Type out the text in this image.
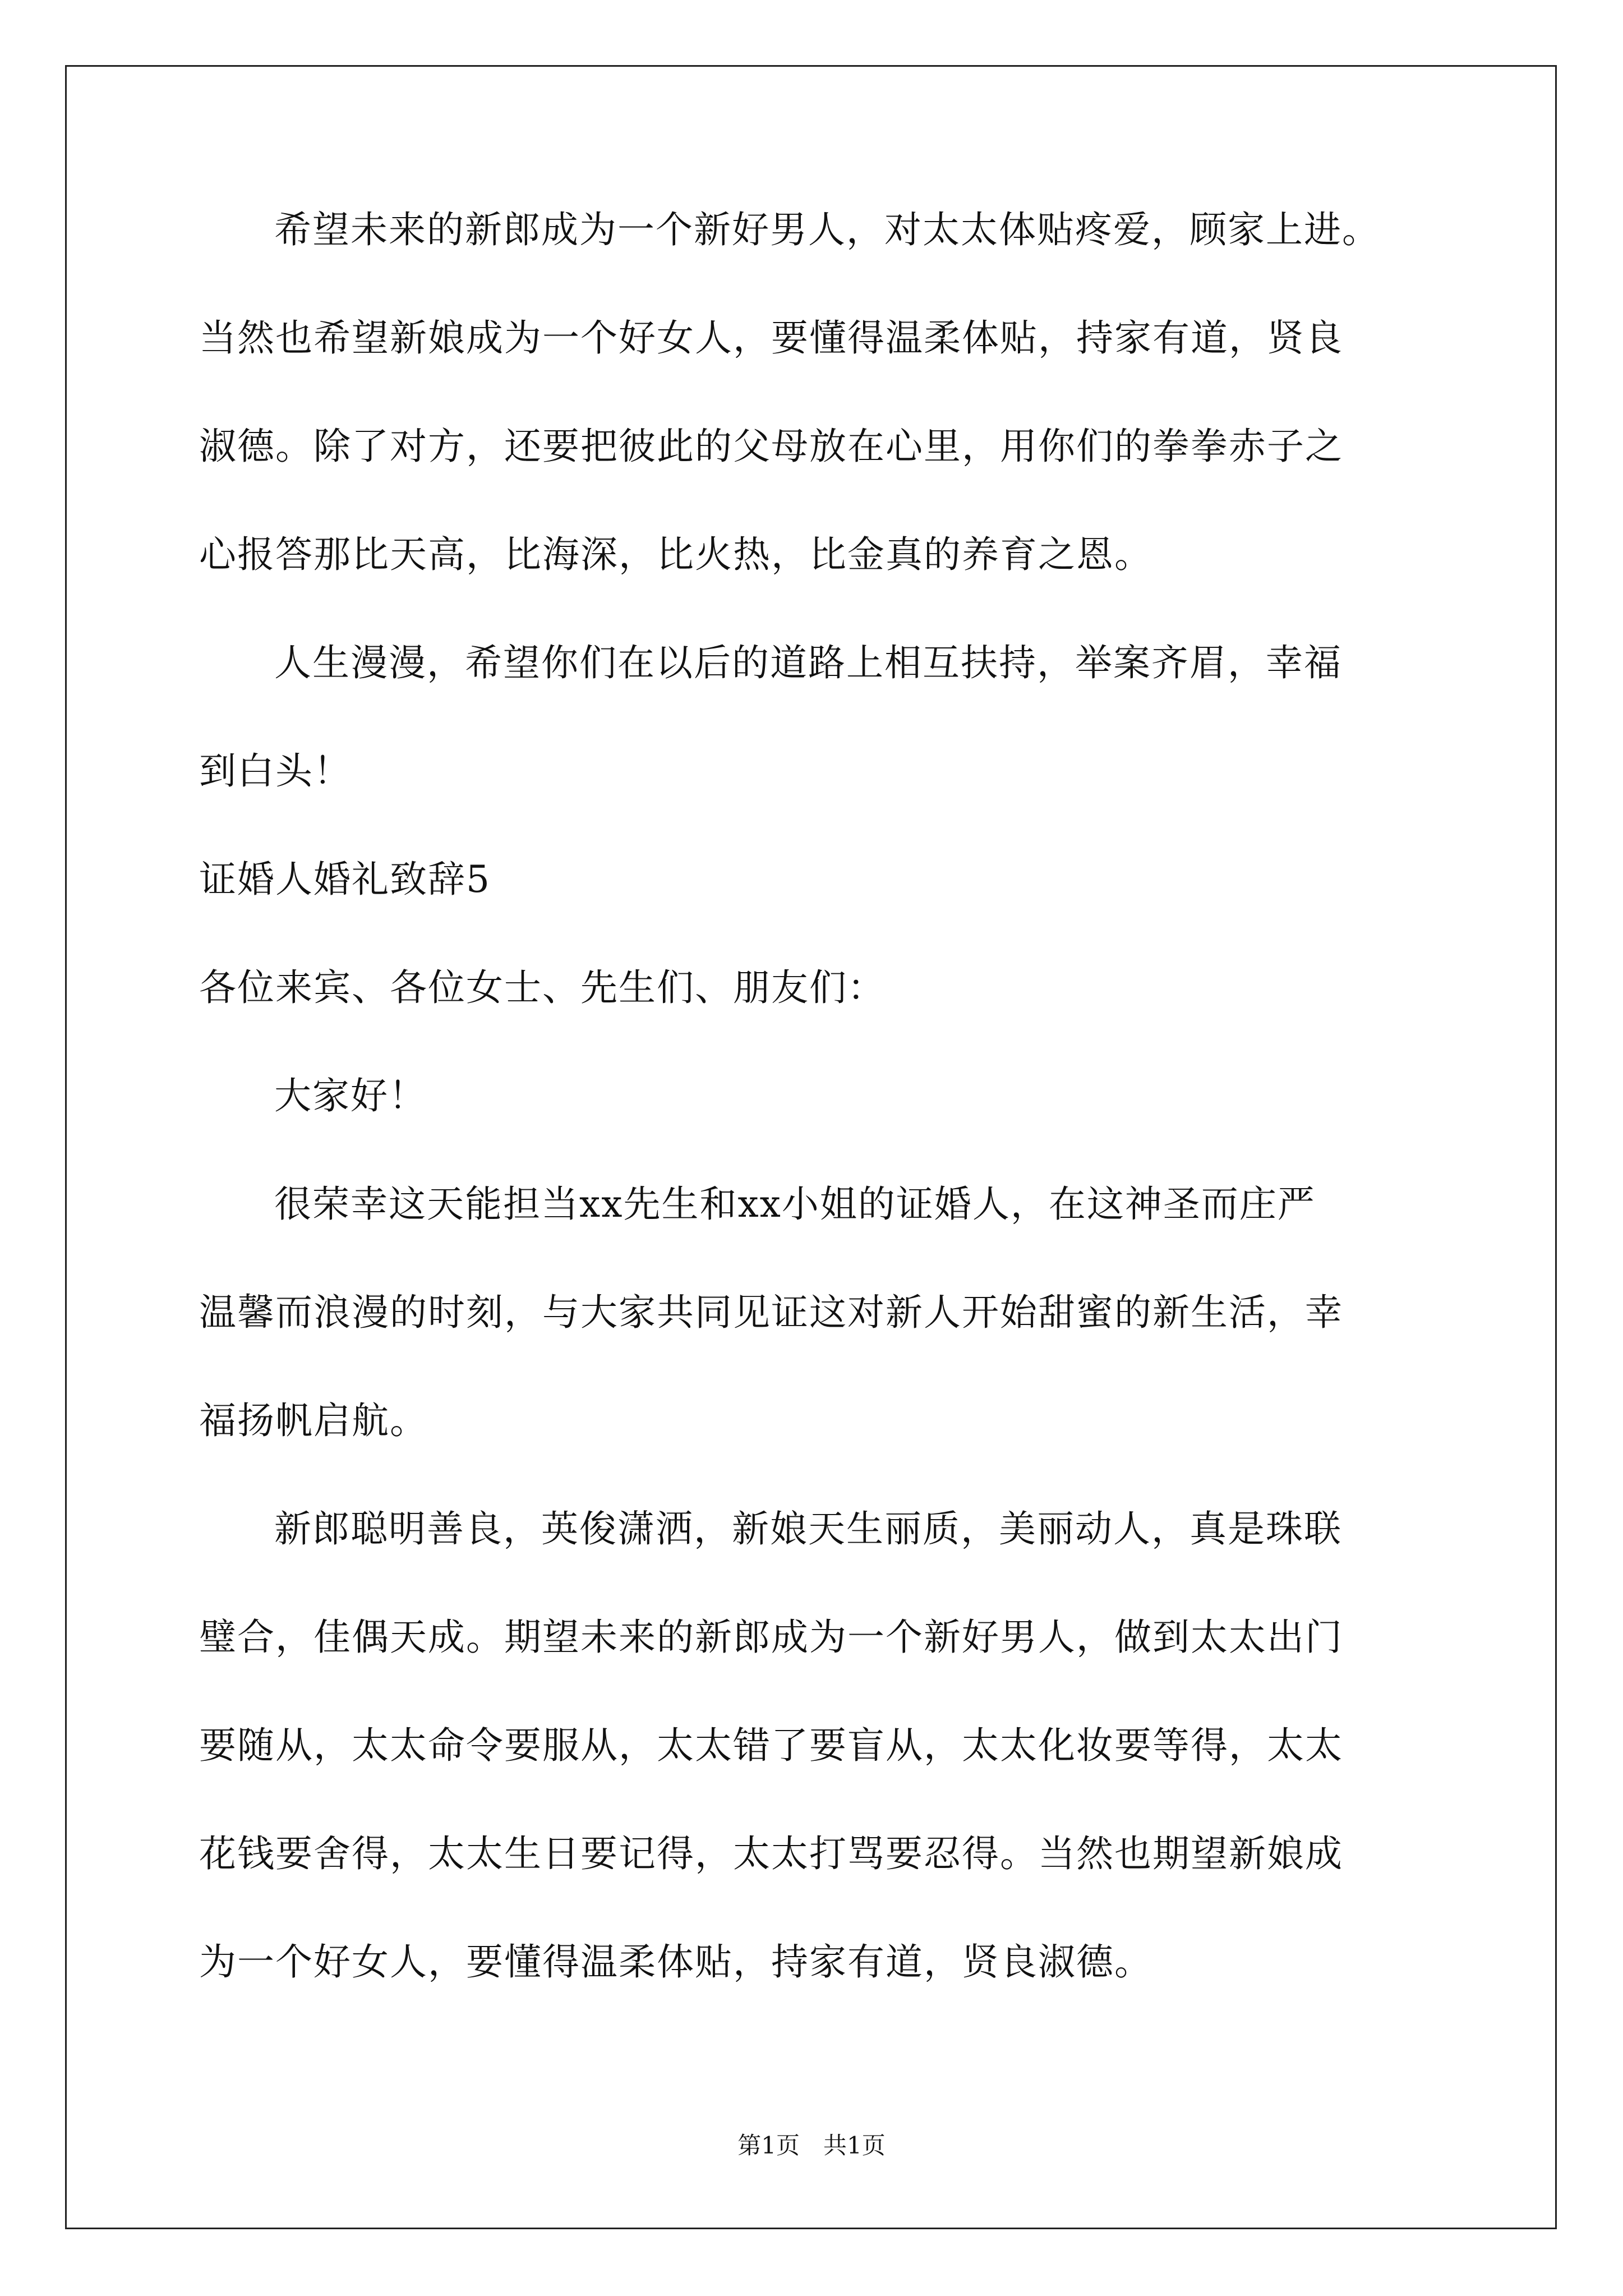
希望未来的新郎成为一个新好男人，对太太体贴疼爱，顾家上进。
当然也希望新娘成为一个好女人，要懂得温柔体贴，持家有道，贤良
淑德。除了对方，还要把彼此的父母放在心里，用你们的拳拳赤子之
心报答那比天高，比海深，比火热，比金真的养育之恩。
人生漫漫，希望你们在以后的道路上相互扶持，举案齐眉，幸福
到白头！
证婚人婚礼致辞5
各位来宾、各位女士、先生们、朋友们：
大家好！
很荣幸这天能担当xx先生和xx小姐的证婚人，在这神圣而庄严
温馨而浪漫的时刻，与大家共同见证这对新人开始甜蜜的新生活，幸
福扬帆启航。
新郎聪明善良，英俊潇洒，新娘天生丽质，美丽动人，真是珠联
璧合，佳偶天成。期望未来的新郎成为一个新好男人，做到太太出门
要随从，太太命令要服从，太太错了要盲从，太太化妆要等得，太太
花钱要舍得，太太生日要记得，太太打骂要忍得。当然也期望新娘成
为一个好女人，要懂得温柔体贴，持家有道，贤良淑德。
第1页　共1页
